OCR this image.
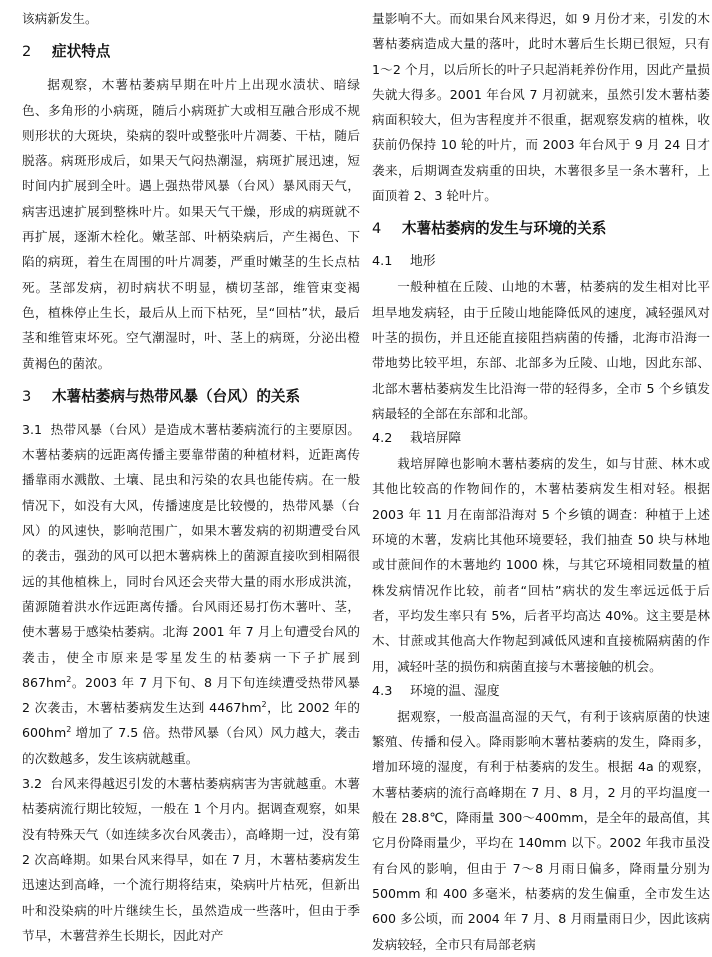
该病新发生。

2 症状特点

据观察，木薯枯萎病早期在叶片上出现水渍状、暗绿色、多角形的小病斑，随后小病斑扩大或相互融合形成不规则形状的大斑块，染病的裂叶或整张叶片凋萎、干枯，随后脱落。病斑形成后，如果天气闷热潮湿，病斑扩展迅速，短时间内扩展到全叶。遇上强热带风暴（台风）暴风雨天气，病害迅速扩展到整株叶片。如果天气干燥，形成的病斑就不再扩展，逐渐木栓化。嫩茎部、叶柄染病后，产生褐色、下陷的病斑，着生在周围的叶片凋萎，严重时嫩茎的生长点枯死。茎部发病，初时病状不明显，横切茎部，维管束变褐色，植株停止生长，最后从上而下枯死，呈“回枯”状，最后茎和维管束坏死。空气潮湿时，叶、茎上的病斑，分泌出橙黄褐色的菌浓。

3 木薯枯萎病与热带风暴（台风）的关系

3.1 热带风暴（台风）是造成木薯枯萎病流行的主要原因。木薯枯萎病的远距离传播主要靠带菌的种植材料，近距离传播靠雨水溅散、土壤、昆虫和污染的农具也能传病。在一般情况下，如没有大风，传播速度是比较慢的，热带风暴（台风）的风速快，影响范围广，如果木薯发病的初期遭受台风的袭击，强劲的风可以把木薯病株上的菌源直接吹到相隔很远的其他植株上，同时台风还会夹带大量的雨水形成洪流，菌源随着洪水作远距离传播。台风雨还易打伤木薯叶、茎，使木薯易于感染枯萎病。北海 2001 年 7 月上旬遭受台风的袭击，使全市原来是零星发生的枯萎病一下子扩展到 $867hm^2$。2003 年 7 月下旬、8 月下旬连续遭受热带风暴 2 次袭击，木薯枯萎病发生达到 $4467hm^2$，比 2002 年的 $600hm^2$ 增加了 7.5 倍。热带风暴（台风）风力越大，袭击的次数越多，发生该病就越重。

3.2 台风来得越迟引发的木薯枯萎病病害为害就越重。木薯枯萎病流行期比较短，一般在 1 个月内。据调查观察，如果没有特殊天气（如连续多次台风袭击），高峰期一过，没有第 2 次高峰期。如果台风来得早，如在 7 月，木薯枯萎病发生迅速达到高峰，一个流行期将结束，染病叶片枯死，但新出叶和没染病的叶片继续生长，虽然造成一些落叶，但由于季节早，木薯营养生长期长，因此对产

量影响不大。而如果台风来得迟，如 9 月份才来，引发的木薯枯萎病造成大量的落叶，此时木薯后生长期已很短，只有 1～2 个月，以后所长的叶子只起消耗养份作用，因此产量损失就大得多。2001 年台风 7 月初就来，虽然引发木薯枯萎病面积较大，但为害程度并不很重，据观察发病的植株，收获前仍保持 10 轮的叶片，而 2003 年台风于 9 月 24 日才袭来，后期调查发病重的田块，木薯很多呈一条木薯秆，上面顶着 2、3 轮叶片。

4 木薯枯萎病的发生与环境的关系
4.1 地形

一般种植在丘陵、山地的木薯，枯萎病的发生相对比平坦旱地发病轻，由于丘陵山地能降低风的速度，减轻强风对叶茎的损伤，并且还能直接阻挡病菌的传播，北海市沿海一带地势比较平坦，东部、北部多为丘陵、山地，因此东部、北部木薯枯萎病发生比沿海一带的轻得多，全市 5 个乡镇发病最轻的全部在东部和北部。

4.2 栽培屏障

栽培屏障也影响木薯枯萎病的发生，如与甘蔗、林木或其他比较高的作物间作的，木薯枯萎病发生相对轻。根据 2003 年 11 月在南部沿海对 5 个乡镇的调查：种植于上述环境的木薯，发病比其他环境要轻，我们抽查 50 块与林地或甘蔗间作的木薯地约 1000 株，与其它环境相同数量的植株发病情况作比较，前者“回枯”病状的发生率远远低于后者，平均发生率只有 5%，后者平均高达 40%。这主要是林木、甘蔗或其他高大作物起到减低风速和直接梳隔病菌的作用，减轻叶茎的损伤和病菌直接与木薯接触的机会。

4.3 环境的温、湿度

据观察，一般高温高湿的天气，有利于该病原菌的快速繁殖、传播和侵入。降雨影响木薯枯萎病的发生，降雨多，增加环境的湿度，有利于枯萎病的发生。根据 4a 的观察，木薯枯萎病的流行高峰期在 7 月、8 月，2 月的平均温度一般在 28.8℃，降雨量 300～400mm，是全年的最高值，其它月份降雨量少，平均在 140mm 以下。2002 年我市虽没有台风的影响，但由于 7～8 月雨日偏多，降雨量分别为 500mm 和 400 多毫米，枯萎病的发生偏重，全市发生达 600 多公顷，而 2004 年 7 月、8 月雨量雨日少，因此该病发病较轻，全市只有局部老病
